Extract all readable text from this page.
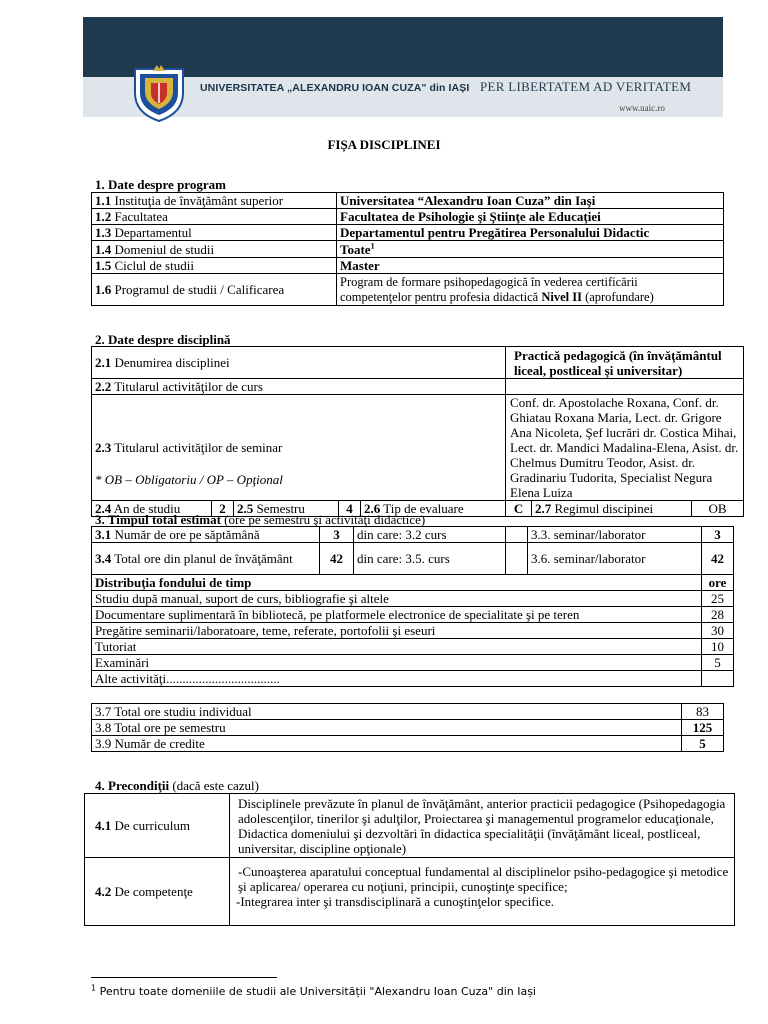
UNIVERSITATEA „ALEXANDRU IOAN CUZA" din IAȘI PER LIBERTATEM AD VERITATEM
www.uaic.ro
FIȘA DISCIPLINEI
1. Date despre program
1.1 Instituţia de învăţământ superior	Universitatea “Alexandru Ioan Cuza” din Iaşi
1.2 Facultatea	Facultatea de Psihologie şi Ştiinţe ale Educaţiei
1.3 Departamentul	Departamentul pentru Pregătirea Personalului Didactic
1.4 Domeniul de studii	Toate$^1$
1.5 Ciclul de studii	Master
1.6 Programul de studii / Calificarea	Program de formare psihopedagogică în vederea certificării
competenţelor pentru profesia didactică Nivel II (aprofundare)
2. Date despre disciplină
2.1 Denumirea disciplinei					Practică pedagogică (în învăţământul liceal, postliceal şi universitar)		
2.2 Titularul activităţilor de curs							
2.3 Titularul activităţilor de seminar					Conf. dr. Apostolache Roxana, Conf. dr. Ghiatau Roxana Maria, Lect. dr. Grigore Ana Nicoleta, Şef lucrări dr. Costica Mihai, Lect. dr. Mandici Madalina-Elena, Asist. dr. Chelmus Dumitru Teodor, Asist. dr. Gradinariu Tudorita, Specialist Negura Elena Luiza		
2.4 An de studiu	2	2.5 Semestru	4	2.6 Tip de evaluare	C	2.7 Regimul discipinei	OB
* OB – Obligatoriu / OP – Opţional
3. Timpul total estimat (ore pe semestru şi activităţi didactice)
3.1 Număr de ore pe săptămână	3	din care: 3.2 curs		3.3. seminar/laborator	3
3.4 Total ore din planul de învăţământ	42	din care: 3.5. curs		3.6. seminar/laborator	42
Distribuţia fondului de timp					ore
Studiu după manual, suport de curs, bibliografie şi altele					25
Documentare suplimentară în bibliotecă, pe platformele electronice de specialitate şi pe teren					28
Pregătire seminarii/laboratoare, teme, referate, portofolii şi eseuri					30
Tutoriat					10
Examinări					5
Alte activităţi...................................					
3.7 Total ore studiu individual	83
3.8 Total ore pe semestru	125
3.9 Număr de credite	5
4. Precondiţii (dacă este cazul)
4.1 De curriculum	Disciplinele prevăzute în planul de învăţământ, anterior practicii pedagogice (Psihopedagogia adolescenţilor, tinerilor şi adulţilor, Proiectarea şi managementul programelor educaţionale, Didactica domeniului şi dezvoltări în didactica specialităţii (învăţământ liceal, postliceal, universitar, discipline opţionale)
4.2 De competenţe	-Cunoaşterea aparatului conceptual fundamental al disciplinelor psiho-pedagogice şi metodice şi aplicarea/ operarea cu noţiuni, principii, cunoştinţe specifice;
-Integrarea inter şi transdisciplinară a cunoştinţelor specifice.
$^1$ Pentru toate domeniile de studii ale Universității "Alexandru Ioan Cuza" din Iași
